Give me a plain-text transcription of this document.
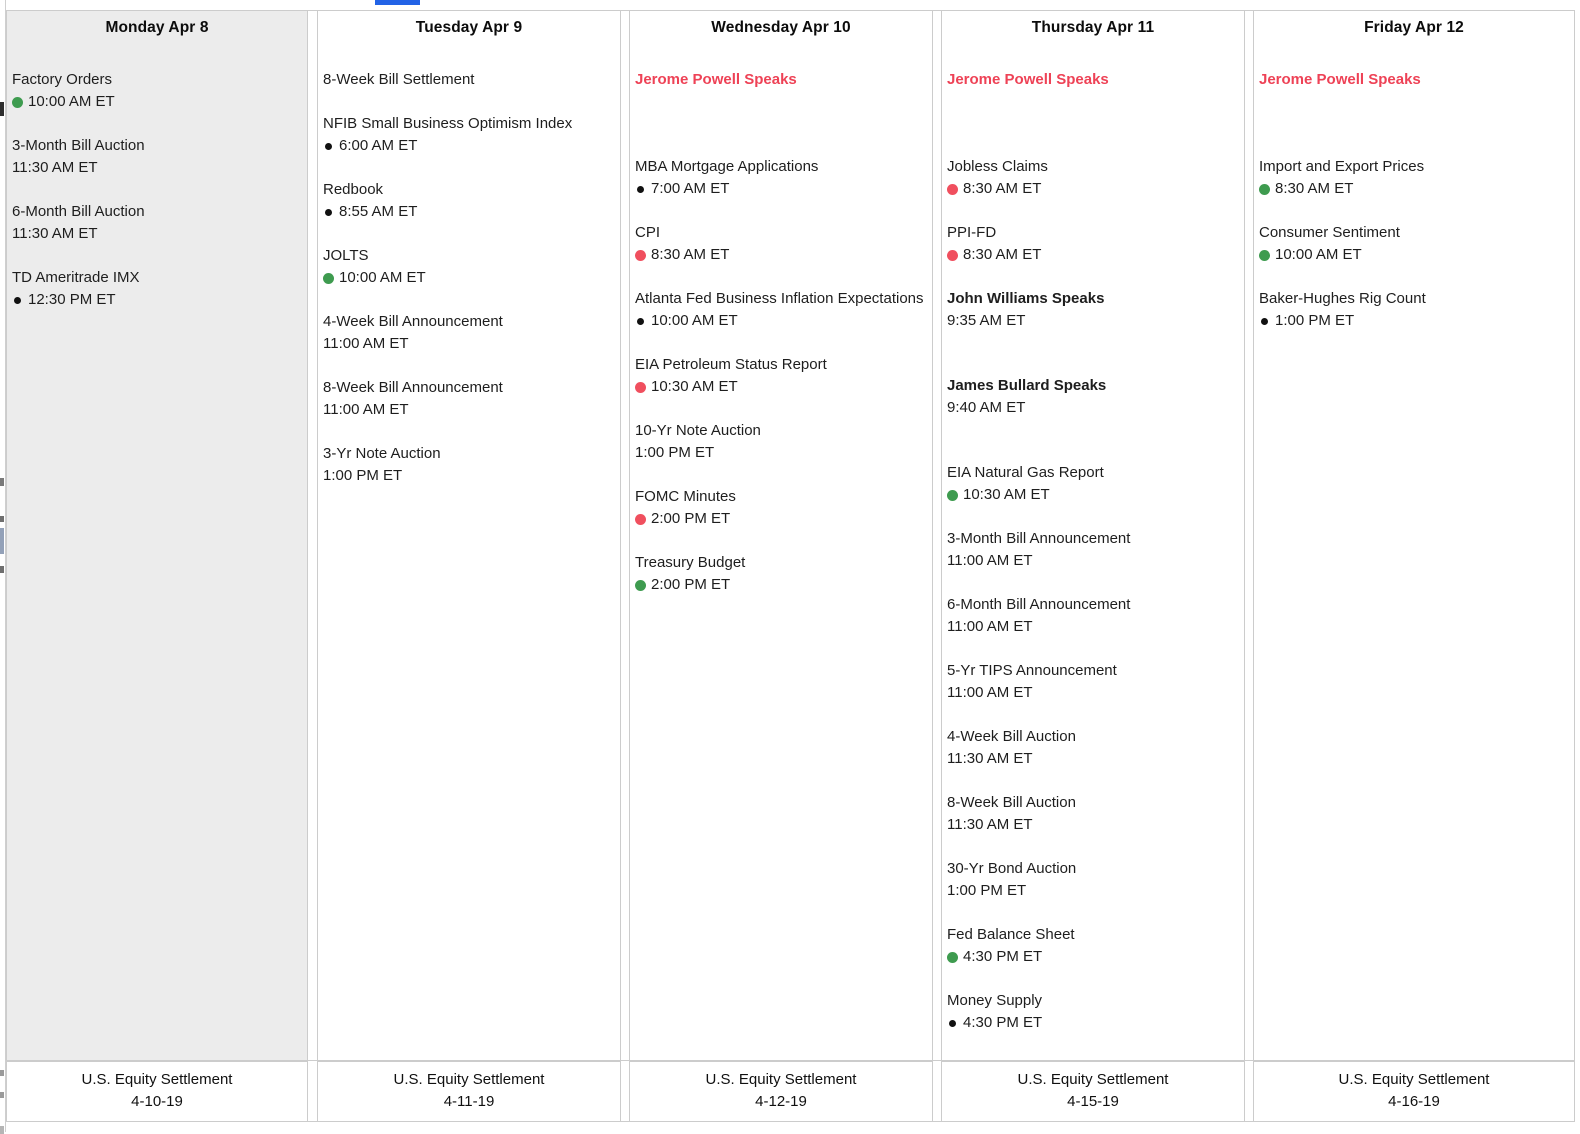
Monday Apr 8
Factory Orders
10:00 AM ET
3-Month Bill Auction
11:30 AM ET
6-Month Bill Auction
11:30 AM ET
TD Ameritrade IMX
12:30 PM ET
U.S. Equity Settlement
4-10-19
Tuesday Apr 9
8-Week Bill Settlement
NFIB Small Business Optimism Index
6:00 AM ET
Redbook
8:55 AM ET
JOLTS
10:00 AM ET
4-Week Bill Announcement
11:00 AM ET
8-Week Bill Announcement
11:00 AM ET
3-Yr Note Auction
1:00 PM ET
U.S. Equity Settlement
4-11-19
Wednesday Apr 10
Jerome Powell Speaks
MBA Mortgage Applications
7:00 AM ET
CPI
8:30 AM ET
Atlanta Fed Business Inflation Expectations
10:00 AM ET
EIA Petroleum Status Report
10:30 AM ET
10-Yr Note Auction
1:00 PM ET
FOMC Minutes
2:00 PM ET
Treasury Budget
2:00 PM ET
U.S. Equity Settlement
4-12-19
Thursday Apr 11
Jerome Powell Speaks
Jobless Claims
8:30 AM ET
PPI-FD
8:30 AM ET
John Williams Speaks
9:35 AM ET
James Bullard Speaks
9:40 AM ET
EIA Natural Gas Report
10:30 AM ET
3-Month Bill Announcement
11:00 AM ET
6-Month Bill Announcement
11:00 AM ET
5-Yr TIPS Announcement
11:00 AM ET
4-Week Bill Auction
11:30 AM ET
8-Week Bill Auction
11:30 AM ET
30-Yr Bond Auction
1:00 PM ET
Fed Balance Sheet
4:30 PM ET
Money Supply
4:30 PM ET
U.S. Equity Settlement
4-15-19
Friday Apr 12
Jerome Powell Speaks
Import and Export Prices
8:30 AM ET
Consumer Sentiment
10:00 AM ET
Baker-Hughes Rig Count
1:00 PM ET
U.S. Equity Settlement
4-16-19
